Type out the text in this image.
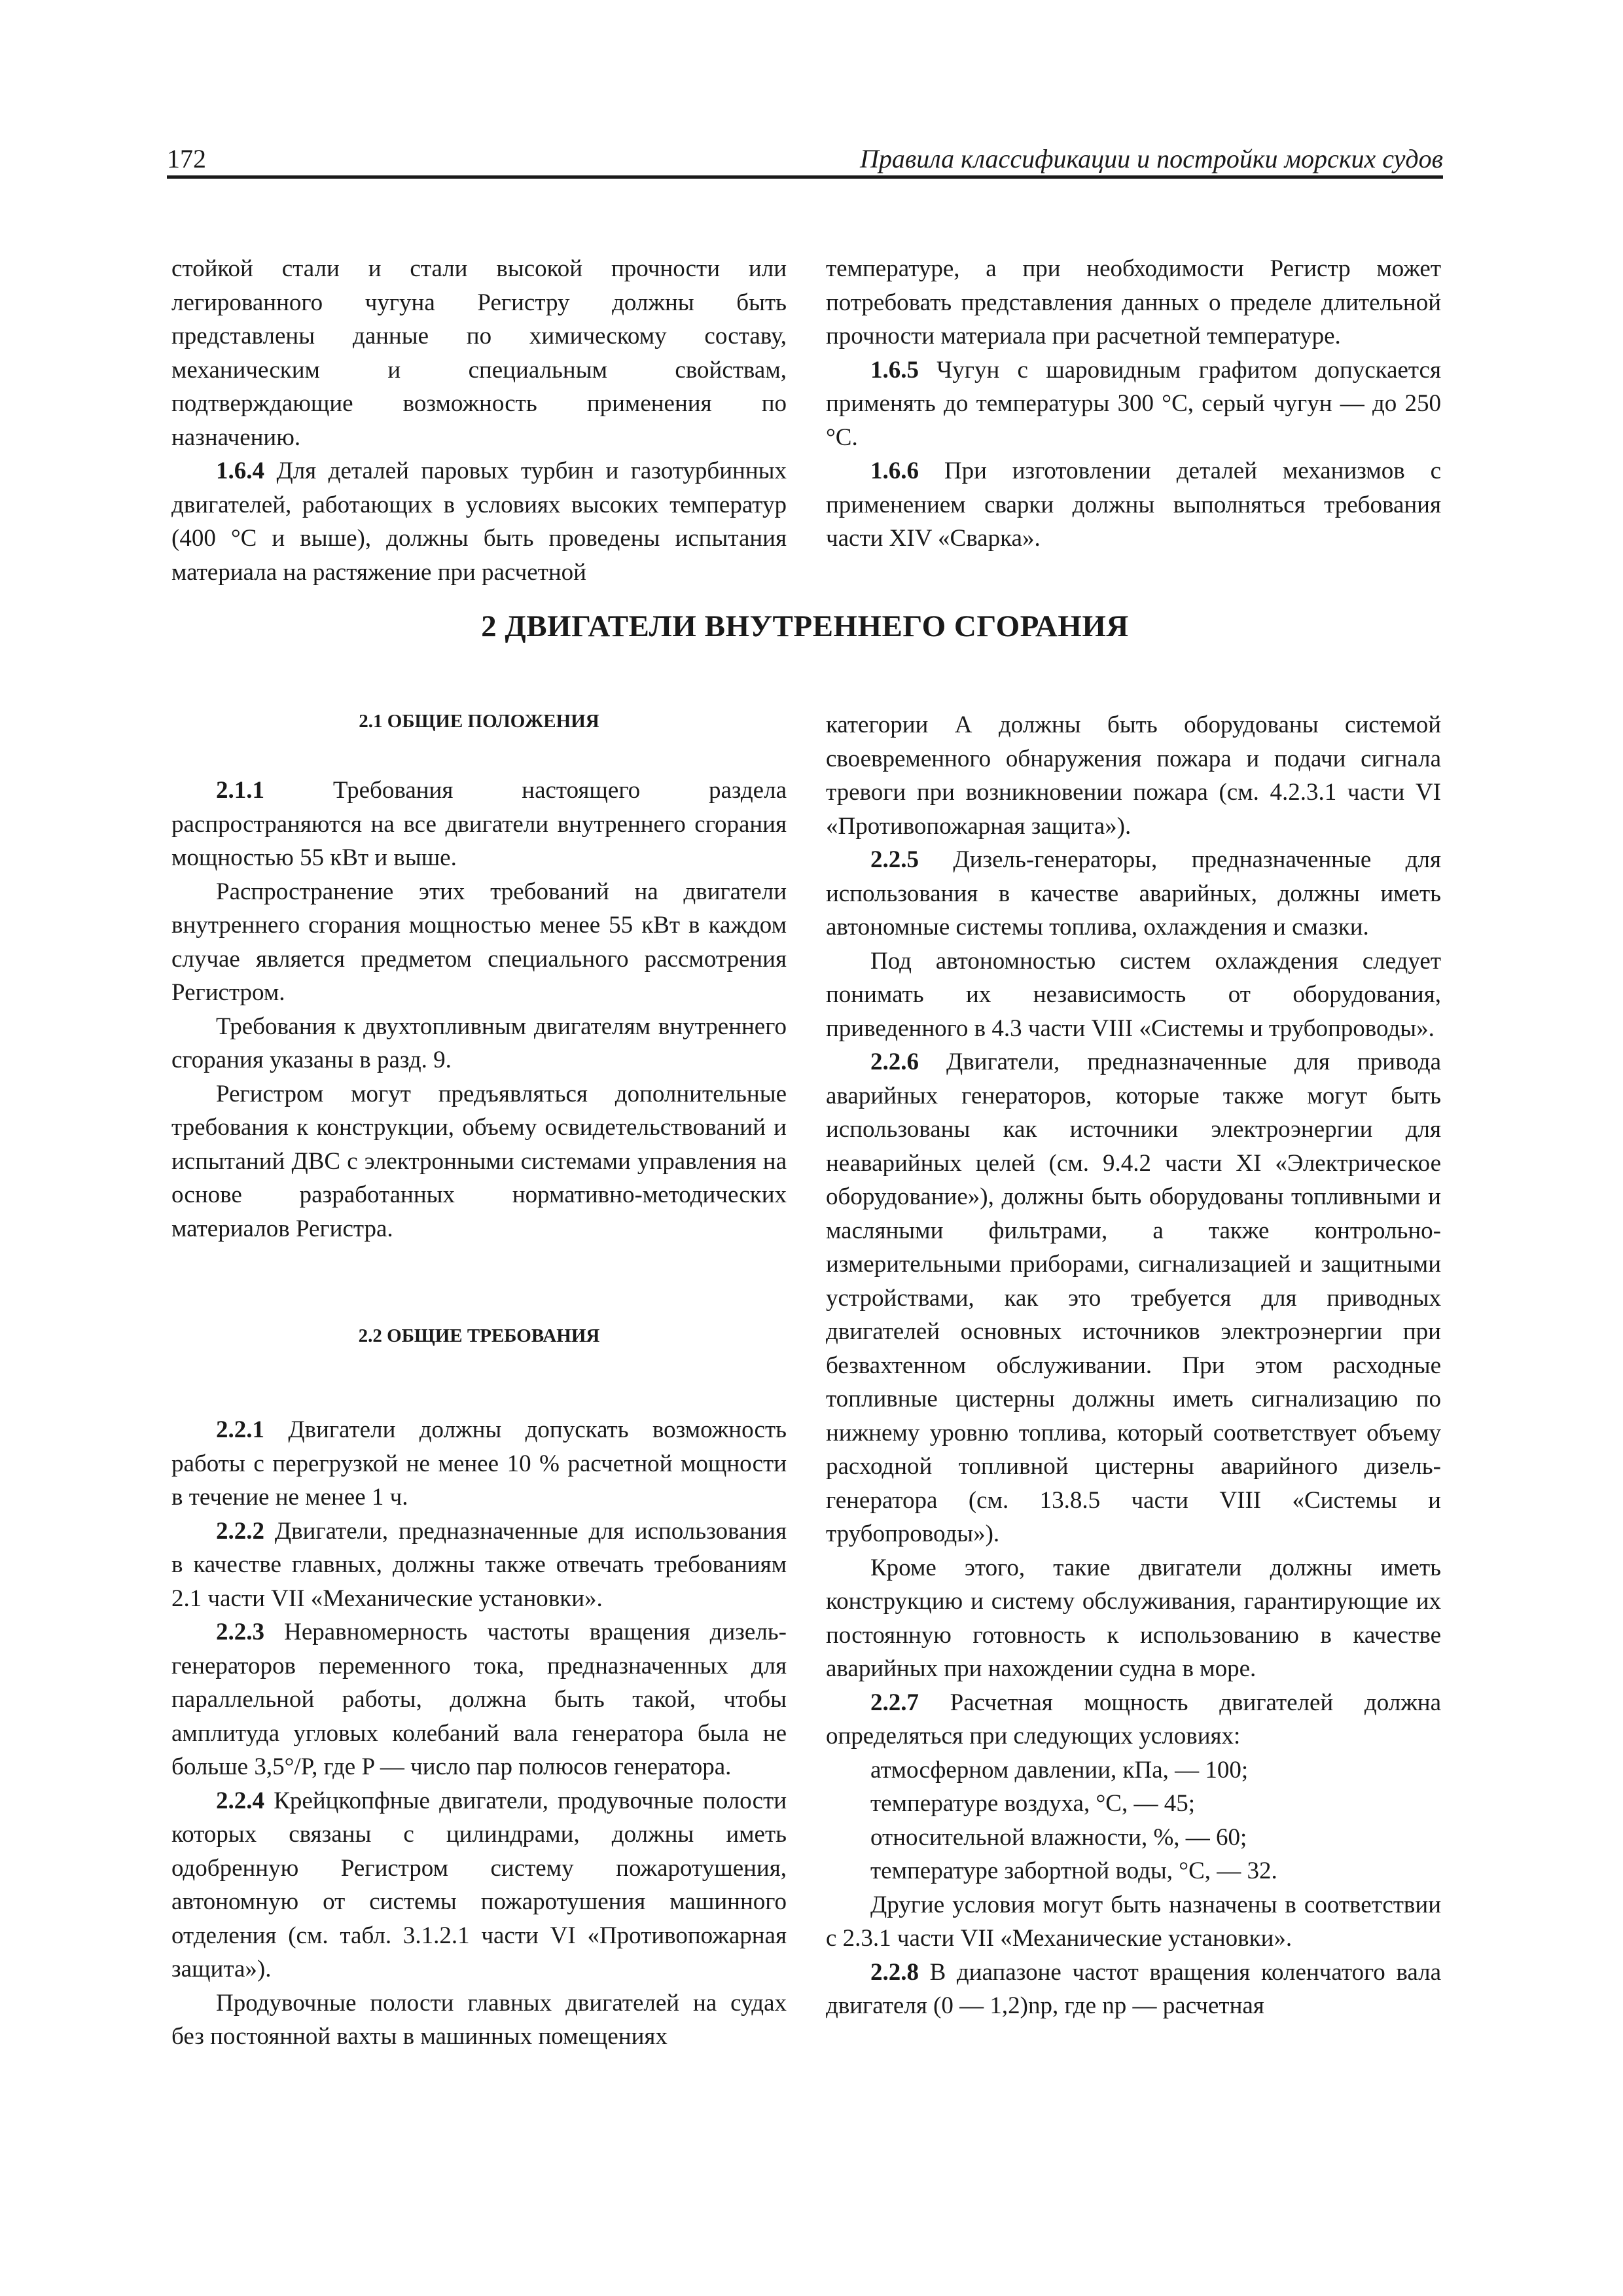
172	Правила классификации и постройки морских судов

стойкой стали и стали высокой прочности или легированного чугуна Регистру должны быть представлены данные по химическому составу, механическим и специальным свойствам, подтверждающие возможность применения по назначению.

1.6.4 Для деталей паровых турбин и газотурбинных двигателей, работающих в условиях высоких температур (400 °С и выше), должны быть проведены испытания материала на растяжение при расчетной

температуре, а при необходимости Регистр может потребовать представления данных о пределе длительной прочности материала при расчетной температуре.

1.6.5 Чугун с шаровидным графитом допускается применять до температуры 300 °С, серый чугун — до 250 °С.

1.6.6 При изготовлении деталей механизмов с применением сварки должны выполняться требования части XIV «Сварка».

2 ДВИГАТЕЛИ ВНУТРЕННЕГО СГОРАНИЯ
2.1 ОБЩИЕ ПОЛОЖЕНИЯ

2.1.1 Требования настоящего раздела распространяются на все двигатели внутреннего сгорания мощностью 55 кВт и выше.

Распространение этих требований на двигатели внутреннего сгорания мощностью менее 55 кВт в каждом случае является предметом специального рассмотрения Регистром.

Требования к двухтопливным двигателям внутреннего сгорания указаны в разд. 9.

Регистром могут предъявляться дополнительные требования к конструкции, объему освидетельствований и испытаний ДВС с электронными системами управления на основе разработанных нормативно-методических материалов Регистра.

2.2 ОБЩИЕ ТРЕБОВАНИЯ

2.2.1 Двигатели должны допускать возможность работы с перегрузкой не менее 10 % расчетной мощности в течение не менее 1 ч.

2.2.2 Двигатели, предназначенные для использования в качестве главных, должны также отвечать требованиям 2.1 части VII «Механические установки».

2.2.3 Неравномерность частоты вращения дизель-генераторов переменного тока, предназначенных для параллельной работы, должна быть такой, чтобы амплитуда угловых колебаний вала генератора была не больше 3,5°/P, где P — число пар полюсов генератора.

2.2.4 Крейцкопфные двигатели, продувочные полости которых связаны с цилиндрами, должны иметь одобренную Регистром систему пожаротушения, автономную от системы пожаротушения машинного отделения (см. табл. 3.1.2.1 части VI «Противопожарная защита»).

Продувочные полости главных двигателей на судах без постоянной вахты в машинных помещениях

категории А должны быть оборудованы системой своевременного обнаружения пожара и подачи сигнала тревоги при возникновении пожара (см. 4.2.3.1 части VI «Противопожарная защита»).

2.2.5 Дизель-генераторы, предназначенные для использования в качестве аварийных, должны иметь автономные системы топлива, охлаждения и смазки.

Под автономностью систем охлаждения следует понимать их независимость от оборудования, приведенного в 4.3 части VIII «Системы и трубопроводы».

2.2.6 Двигатели, предназначенные для привода аварийных генераторов, которые также могут быть использованы как источники электроэнергии для неаварийных целей (см. 9.4.2 части XI «Электрическое оборудование»), должны быть оборудованы топливными и масляными фильтрами, а также контрольно-измерительными приборами, сигнализацией и защитными устройствами, как это требуется для приводных двигателей основных источников электроэнергии при безвахтенном обслуживании. При этом расходные топливные цистерны должны иметь сигнализацию по нижнему уровню топлива, который соответствует объему расходной топливной цистерны аварийного дизель-генератора (см. 13.8.5 части VIII «Системы и трубопроводы»).

Кроме этого, такие двигатели должны иметь конструкцию и систему обслуживания, гарантирующие их постоянную готовность к использованию в качестве аварийных при нахождении судна в море.

2.2.7 Расчетная мощность двигателей должна определяться при следующих условиях:

атмосферном давлении, кПа, — 100;

температуре воздуха, °С, — 45;

относительной влажности, %, — 60;

температуре забортной воды, °С, — 32.

Другие условия могут быть назначены в соответствии с 2.3.1 части VII «Механические установки».

2.2.8 В диапазоне частот вращения коленчатого вала двигателя (0 — 1,2)nр, где nр — расчетная
